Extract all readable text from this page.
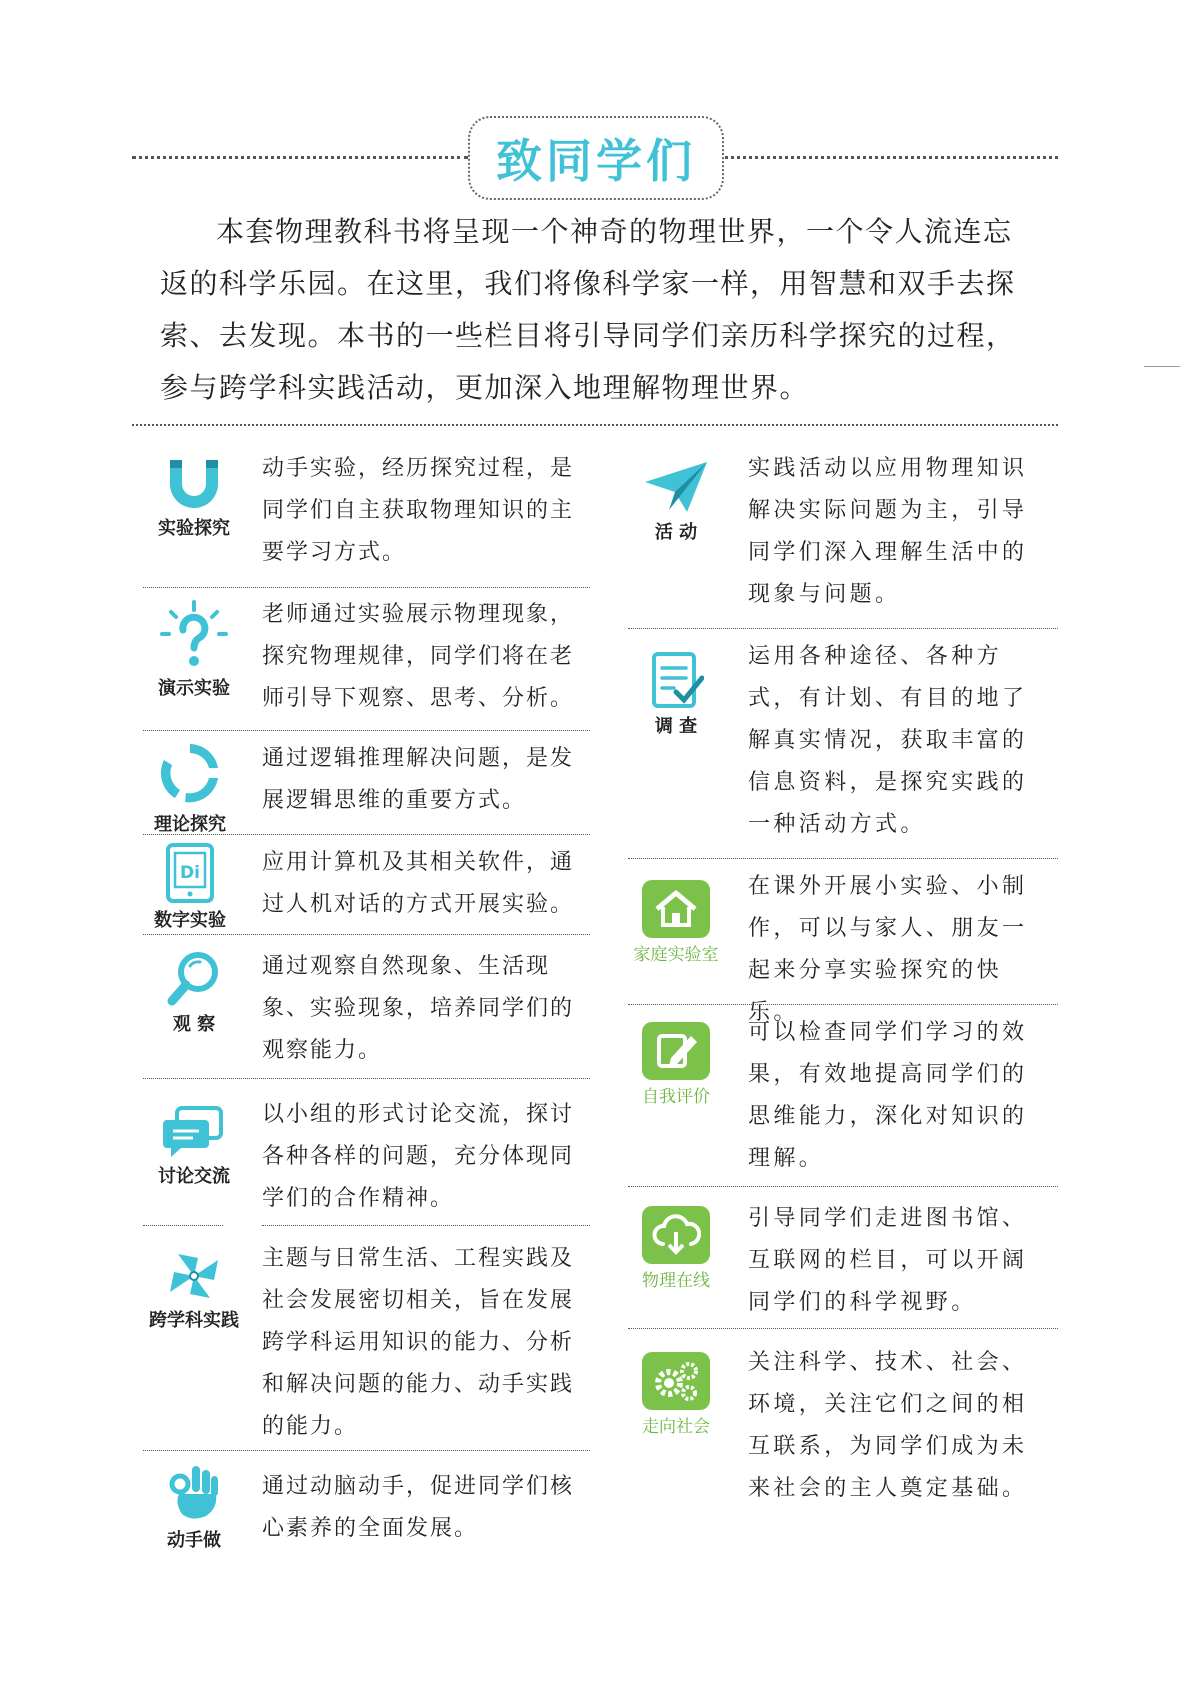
致同学们

本套物理教科书将呈现一个神奇的物理世界，一个令人流连忘返的科学乐园。在这里，我们将像科学家一样，用智慧和双手去探索、去发现。本书的一些栏目将引导同学们亲历科学探究的过程，参与跨学科实践活动，更加深入地理解物理世界。

实验探究

动手实验，经历探究过程，是同学们自主获取物理知识的主要学习方式。

演示实验

老师通过实验展示物理现象，探究物理规律，同学们将在老师引导下观察、思考、分析。

理论探究

通过逻辑推理解决问题，是发展逻辑思维的重要方式。

Di
数字实验

应用计算机及其相关软件，通过人机对话的方式开展实验。

观 察

通过观察自然现象、生活现象、实验现象，培养同学们的观察能力。

讨论交流

以小组的形式讨论交流，探讨各种各样的问题，充分体现同学们的合作精神。

跨学科实践

主题与日常生活、工程实践及社会发展密切相关，旨在发展跨学科运用知识的能力、分析和解决问题的能力、动手实践的能力。

动手做

通过动脑动手，促进同学们核心素养的全面发展。

活 动

实践活动以应用物理知识解决实际问题为主，引导同学们深入理解生活中的现象与问题。

调 查

运用各种途径、各种方式，有计划、有目的地了解真实情况，获取丰富的信息资料，是探究实践的一种活动方式。

家庭实验室

在课外开展小实验、小制作，可以与家人、朋友一起来分享实验探究的快乐。

自我评价

可以检查同学们学习的效果，有效地提高同学们的思维能力，深化对知识的理解。

物理在线

引导同学们走进图书馆、互联网的栏目，可以开阔同学们的科学视野。

走向社会

关注科学、技术、社会、环境，关注它们之间的相互联系，为同学们成为未来社会的主人奠定基础。
